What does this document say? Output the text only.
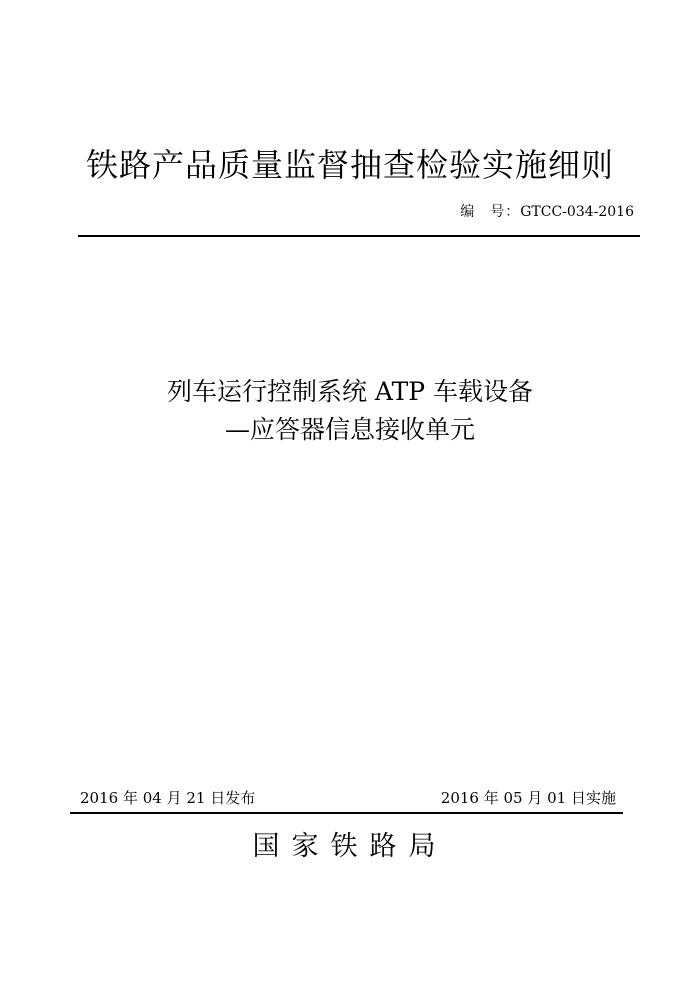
铁路产品质量监督抽查检验实施细则
编　号：GTCC-034-2016
列车运行控制系统 ATP 车载设备
—应答器信息接收单元
2016 年 04 月 21 日发布	2016 年 05 月 01 日实施
国家铁路局
